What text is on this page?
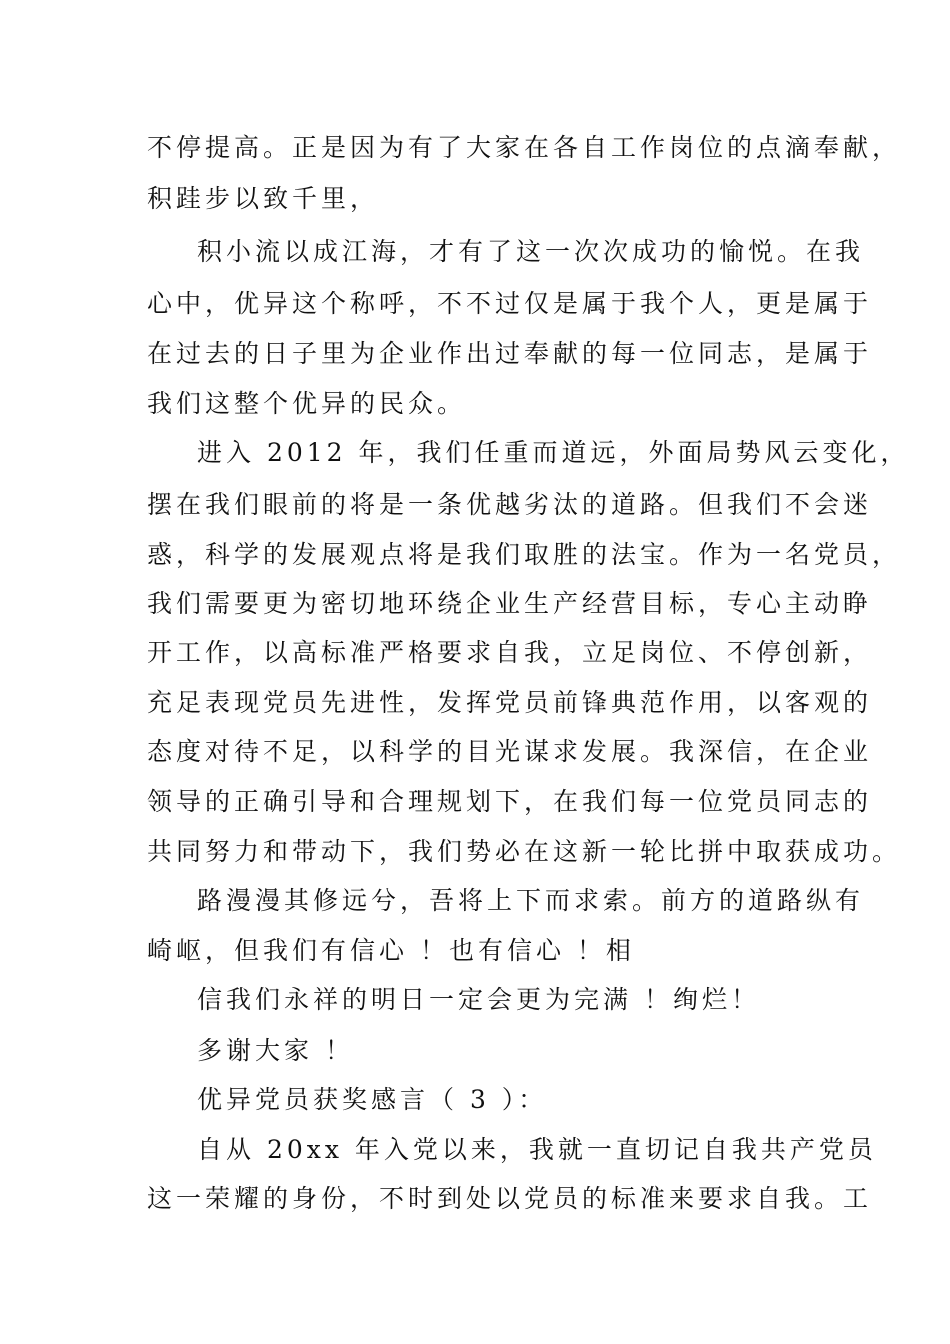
不停提高。正是因为有了大家在各自工作岗位的点滴奉献，
积跬步以致千里，
积小流以成江海，才有了这一次次成功的愉悦。在我
心中，优异这个称呼，不不过仅是属于我个人，更是属于
在过去的日子里为企业作出过奉献的每一位同志，是属于
我们这整个优异的民众。
进入 2012 年，我们任重而道远，外面局势风云变化，
摆在我们眼前的将是一条优越劣汰的道路。但我们不会迷
惑，科学的发展观点将是我们取胜的法宝。作为一名党员，
我们需要更为密切地环绕企业生产经营目标，专心主动睁
开工作，以高标准严格要求自我，立足岗位、不停创新，
充足表现党员先进性，发挥党员前锋典范作用，以客观的
态度对待不足，以科学的目光谋求发展。我深信，在企业
领导的正确引导和合理规划下，在我们每一位党员同志的
共同努力和带动下，我们势必在这新一轮比拼中取获成功。
路漫漫其修远兮，吾将上下而求索。前方的道路纵有
崎岖，但我们有信心 ！也有信心 ！相
信我们永祥的明日一定会更为完满 ！绚烂！
多谢大家 ！
优异党员获奖感言（ 3 ）：
自从 20xx 年入党以来，我就一直切记自我共产党员
这一荣耀的身份，不时到处以党员的标准来要求自我。工
